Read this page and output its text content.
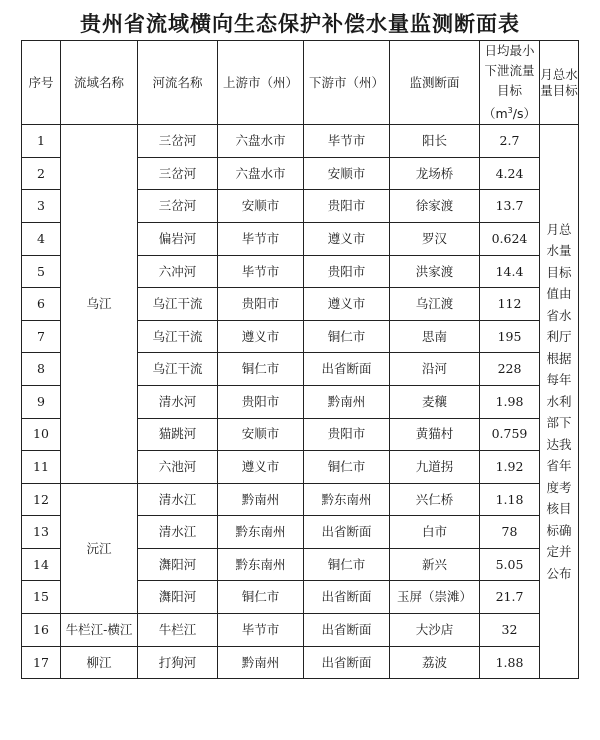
贵州省流域横向生态保护补偿水量监测断面表
序号	流域名称	河流名称	上游市（州）	下游市（州）	监测断面	日均最小下泄流量目标$(m^3/s)$	月总水量目标
1	乌江	三岔河	六盘水市	毕节市	阳长	2.7	月总水量目标值由省水利厅根据每年水利部下达我省年度考核目标确定并公布
2		三岔河	六盘水市	安顺市	龙场桥	4.24	
3		三岔河	安顺市	贵阳市	徐家渡	13.7	
4		偏岩河	毕节市	遵义市	罗汉	0.624	
5		六冲河	毕节市	贵阳市	洪家渡	14.4	
6		乌江干流	贵阳市	遵义市	乌江渡	112	
7		乌江干流	遵义市	铜仁市	思南	195	
8		乌江干流	铜仁市	出省断面	沿河	228	
9		清水河	贵阳市	黔南州	麦穰	1.98	
10		猫跳河	安顺市	贵阳市	黄猫村	0.759	
11		六池河	遵义市	铜仁市	九道拐	1.92	
12	沅江	清水江	黔南州	黔东南州	兴仁桥	1.18	
13		清水江	黔东南州	出省断面	白市	78	
14		㵲阳河	黔东南州	铜仁市	新兴	5.05	
15		㵲阳河	铜仁市	出省断面	玉屏（崇滩）	21.7	
16	牛栏江-横江	牛栏江	毕节市	出省断面	大沙店	32	
17	柳江	打狗河	黔南州	出省断面	荔波	1.88	
